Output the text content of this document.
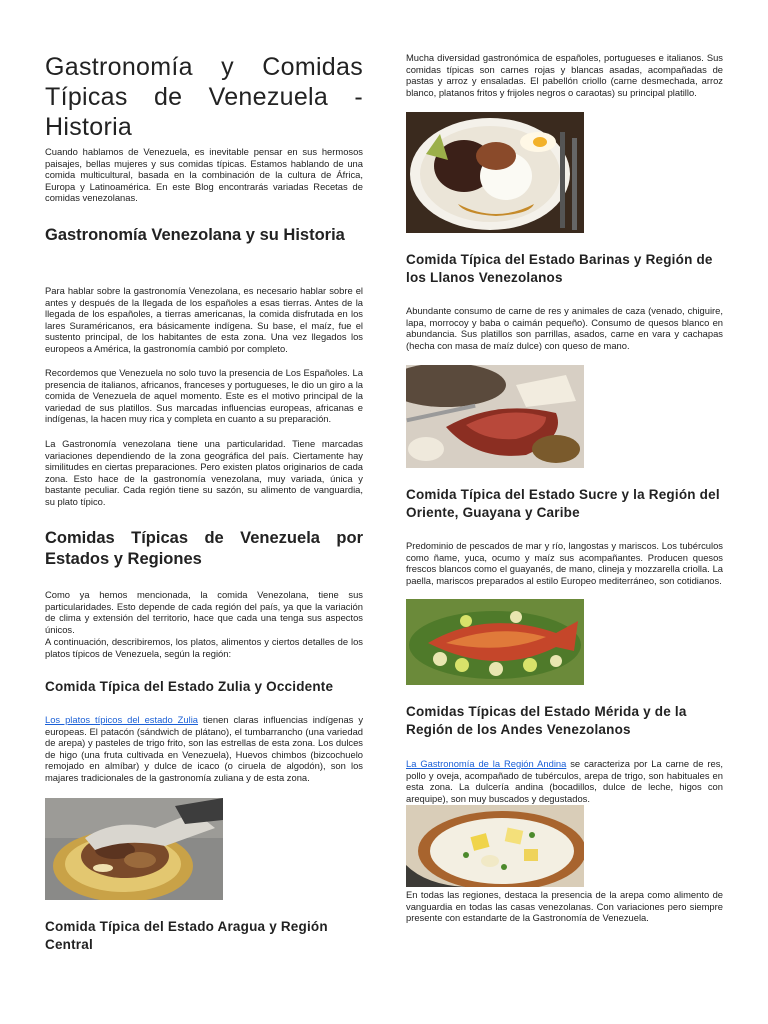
Gastronomía y Comidas Típicas de Venezuela - Historia

Cuando hablamos de Venezuela, es inevitable pensar en sus hermosos paisajes, bellas mujeres y sus comidas típicas. Estamos hablando de una comida multicultural, basada en la combinación de la cultura de África, Europa y Latinoamérica. En este Blog encontrarás variadas Recetas de comidas venezolanas.

Gastronomía Venezolana y su Historia

Para hablar sobre la gastronomía Venezolana, es necesario hablar sobre el antes y después de la llegada de los españoles a esas tierras. Antes de la llegada de los españoles, a tierras americanas, la comida disfrutada en los lares Suraméricanos, era básicamente indígena. Su base, el maíz, fue el sustento principal, de los habitantes de esta zona. Una vez llegados los europeos a América, la gastronomía cambió por completo.

Recordemos que Venezuela no solo tuvo la presencia de Los Españoles. La presencia de italianos, africanos, franceses y portugueses, le dio un giro a la comida de Venezuela de aquel momento. Este es el motivo principal de la variedad de sus platillos. Sus marcadas influencias europeas, africanas e indígenas, la hacen muy rica y completa en cuanto a su preparación.

La Gastronomía venezolana tiene una particularidad. Tiene marcadas variaciones dependiendo de la zona geográfica del país. Ciertamente hay similitudes en ciertas preparaciones. Pero existen platos originarios de cada zona. Esto hace de la gastronomía venezolana, muy variada, única y bastante peculiar. Cada región tiene su sazón, su alimento de vanguardia, su plato típico.

Comidas Típicas de Venezuela por Estados y Regiones

Como ya hemos mencionada, la comida Venezolana, tiene sus particularidades. Esto depende de cada región del país, ya que la variación de clima y extensión del territorio, hace que cada una tenga sus aspectos únicos.

A continuación, describiremos, los platos, alimentos y ciertos detalles de los platos típicos de Venezuela, según la región:

Comida Típica del Estado Zulia y Occidente

Los platos típicos del estado Zulia tienen claras influencias indígenas y europeas. El patacón (sándwich de plátano), el tumbarrancho (una variedad de arepa) y pasteles de trigo frito, son las estrellas de esta zona. Los dulces de higo (una fruta cultivada en Venezuela), Huevos chimbos (bizcochuelo remojado en almíbar) y dulce de icaco (o ciruela de algodón), son los majares tradicionales de la gastronomía zuliana y de esta zona.

Comida Típica del Estado Aragua y Región Central

Mucha diversidad gastronómica de españoles, portugueses e italianos. Sus comidas típicas son carnes rojas y blancas asadas, acompañadas de pastas y arroz y ensaladas. El pabellón criollo (carne desmechada, arroz blanco, platanos fritos y frijoles negros o caraotas) su principal platillo.

Comida Típica del Estado Barinas y Región de los Llanos Venezolanos

Abundante consumo de carne de res y animales de caza (venado, chiguire, lapa, morrocoy y baba o caimán pequeño). Consumo de quesos blanco en abundancia. Sus platillos son parrillas, asados, carne en vara y cachapas (hecha con masa de maíz dulce) con queso de mano.

Comida Típica del Estado Sucre y la Región del Oriente, Guayana y Caribe

Predominio de pescados de mar y río, langostas y mariscos. Los tubérculos como ñame, yuca, ocumo y maíz sus acompañantes. Producen quesos frescos blancos como el guayanés, de mano, clineja y mozzarella criolla. La paella, mariscos preparados al estilo Europeo mediterráneo, son cotidianos.

Comidas Típicas del Estado Mérida y de la Región de los Andes Venezolanos

La Gastronomía de la Región Andina se caracteriza por La carne de res, pollo y oveja, acompañado de tubérculos, arepa de trigo, son habituales en esta zona. La dulcería andina (bocadillos, dulce de leche, higos con arequipe), son muy buscados y degustados.

En todas las regiones, destaca la presencia de la arepa como alimento de vanguardia en todas las casas venezolanas. Con variaciones pero siempre presente con estandarte de la Gastronomía de Venezuela.
